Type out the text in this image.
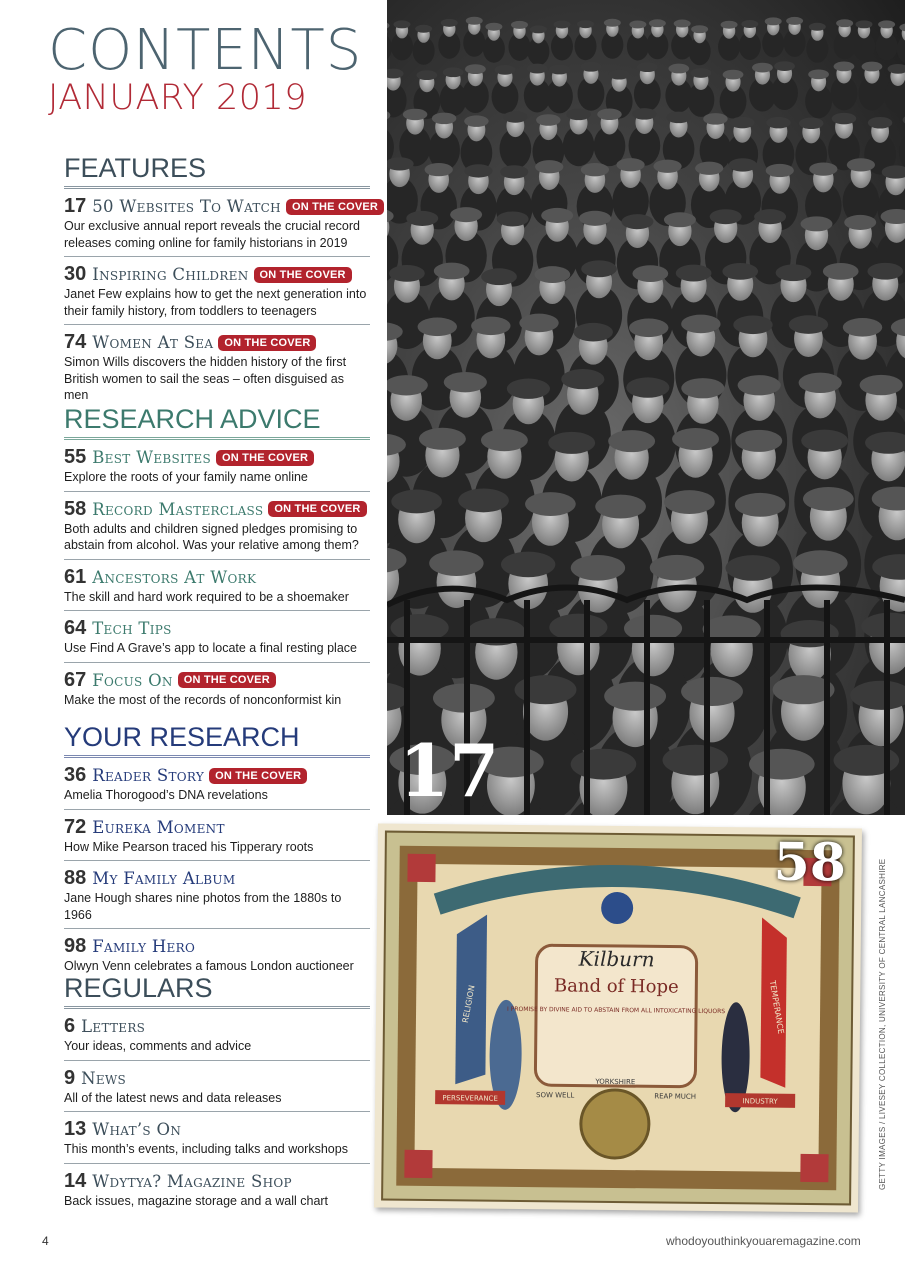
CONTENTS
JANUARY 2019
FEATURES
17 50 Websites To Watch	ON THE COVER
Our exclusive annual report reveals the crucial record releases coming online for family historians in 2019
30 Inspiring Children	ON THE COVER
Janet Few explains how to get the next generation into their family history, from toddlers to teenagers
74 Women At Sea	ON THE COVER
Simon Wills discovers the hidden history of the first British women to sail the seas – often disguised as men
RESEARCH ADVICE
55 Best Websites	ON THE COVER
Explore the roots of your family name online
58 Record Masterclass	ON THE COVER
Both adults and children signed pledges promising to abstain from alcohol. Was your relative among them?
61 Ancestors At Work
The skill and hard work required to be a shoemaker
64 Tech Tips
Use Find A Grave’s app to locate a final resting place
67 Focus On	ON THE COVER
Make the most of the records of nonconformist kin
YOUR RESEARCH
36 Reader Story	ON THE COVER
Amelia Thorogood’s DNA revelations
72 Eureka Moment
How Mike Pearson traced his Tipperary roots
88 My Family Album
Jane Hough shares nine photos from the 1880s to 1966
98 Family Hero
Olwyn Venn celebrates a famous London auctioneer
REGULARS
6 Letters
Your ideas, comments and advice
9 News
All of the latest news and data releases
13 What’s On
This month’s events, including talks and workshops
14 Wdytya? Magazine Shop
Back issues, magazine storage and a wall chart
17
Kilburn
Band of Hope
I PROMISE BY DIVINE AID TO ABSTAIN FROM ALL INTOXICATING LIQUORS
RELIGION	TEMPERANCE
PERSEVERANCE	INDUSTRY
SOW WELL	REAP MUCH
YORKSHIRE
58	GETTY IMAGES / LIVESEY COLLECTION, UNIVERSITY OF CENTRAL LANCASHIRE
4	whodoyouthinkyouaremagazine.com
